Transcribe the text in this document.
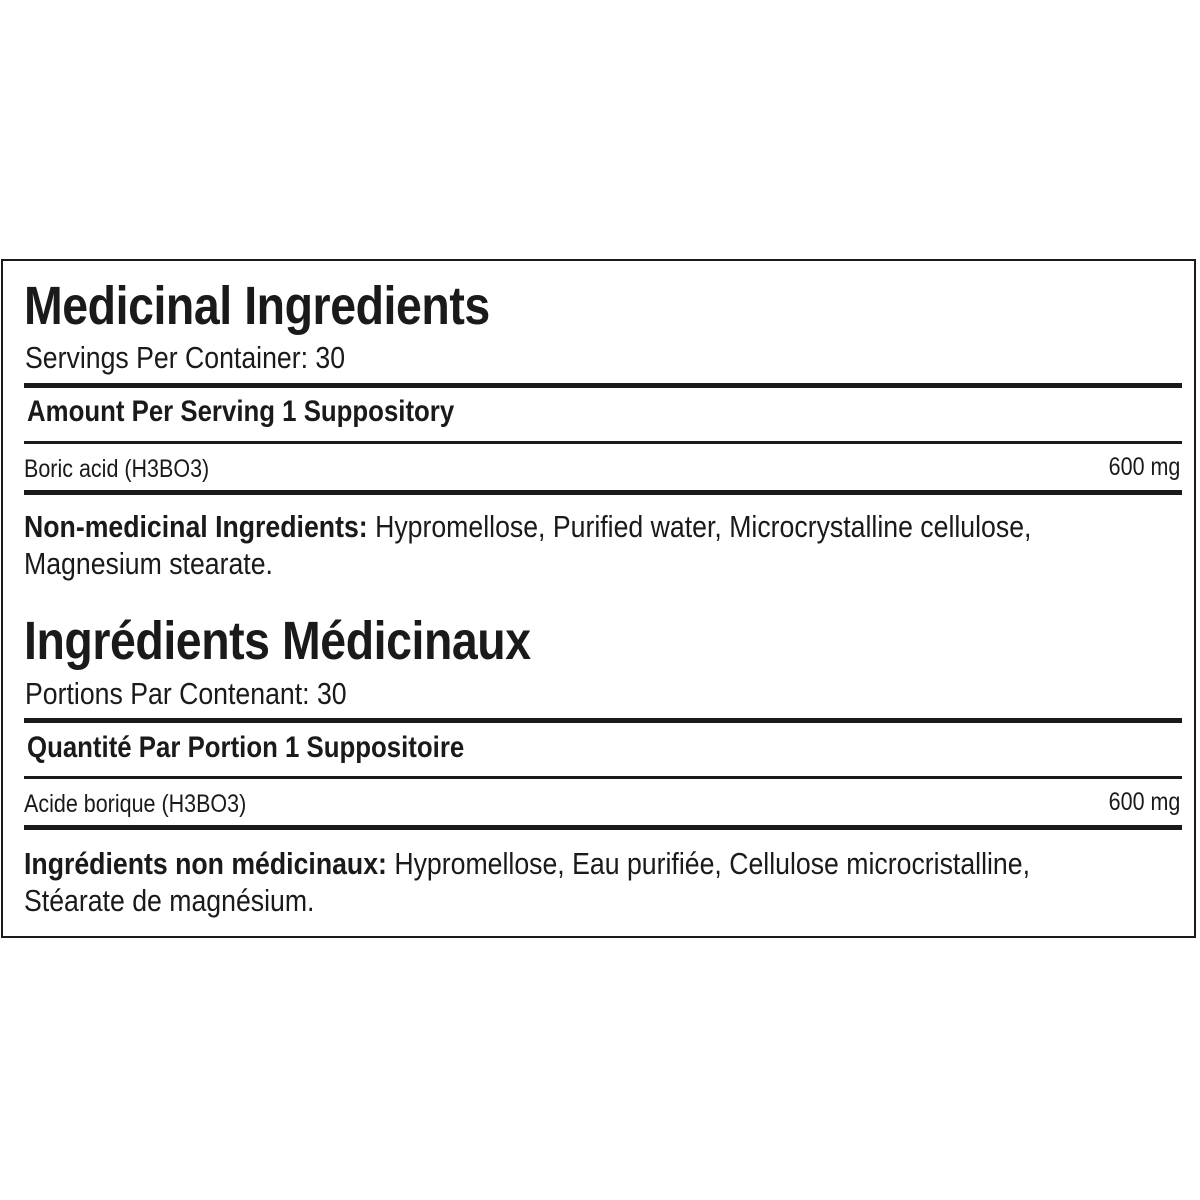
Medicinal Ingredients
Servings Per Container: 30
Amount Per Serving 1 Suppository
Boric acid (H3BO3)	600 mg
Non-medicinal Ingredients: Hypromellose, Purified water, Microcrystalline cellulose,
Magnesium stearate.
Ingrédients Médicinaux
Portions Par Contenant: 30
Quantité Par Portion 1 Suppositoire
Acide borique (H3BO3)	600 mg
Ingrédients non médicinaux: Hypromellose, Eau purifiée, Cellulose microcristalline,
Stéarate de magnésium.
